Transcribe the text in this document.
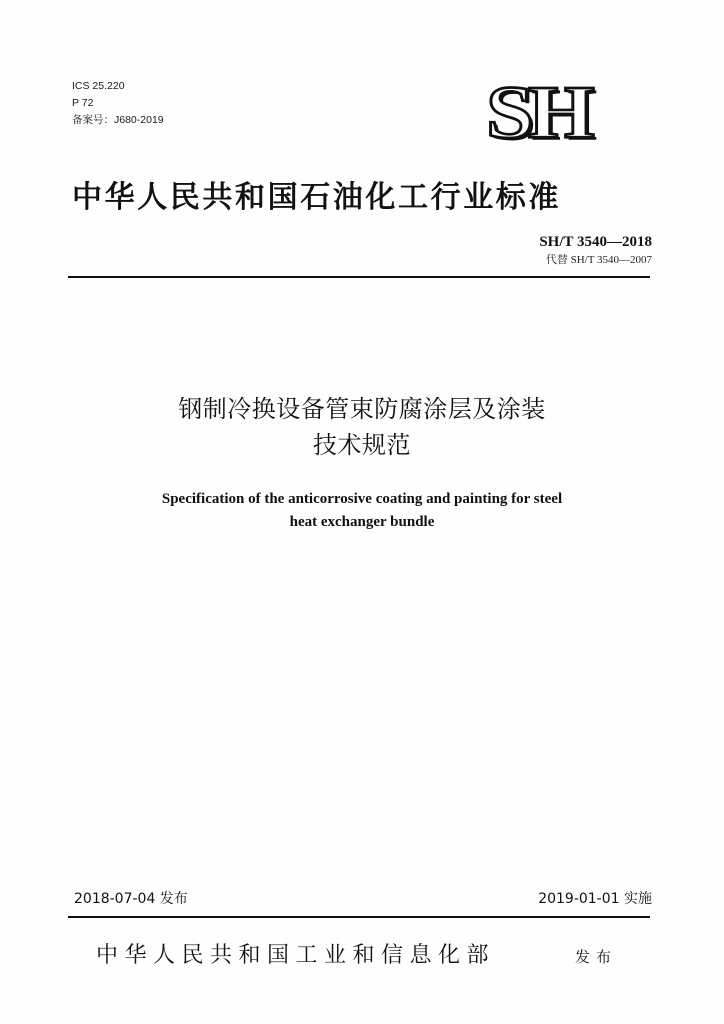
ICS 25.220
P 72
备案号：J680-2019	SH
中华人民共和国石油化工行业标准
SH/T 3540—2018
代替 SH/T 3540—2007
钢制冷换设备管束防腐涂层及涂装
技术规范
Specification of the anticorrosive coating and painting for steel
heat exchanger bundle
2018-07-04 发布	2019-01-01 实施
中华人民共和国工业和信息化部	发布
